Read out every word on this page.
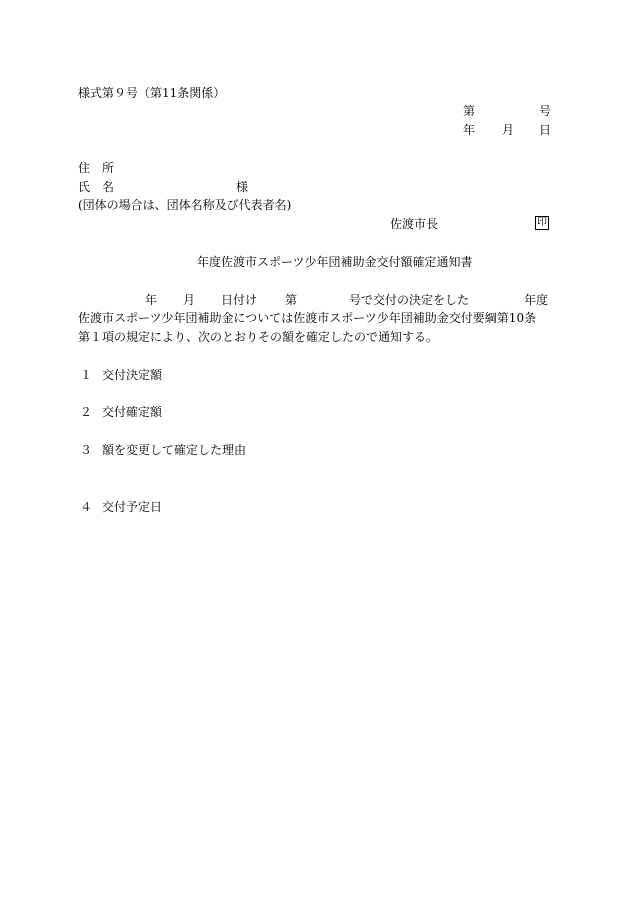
様式第９号（第11条関係）
第	号
年 月 日
住　所
氏　名	様
(団体の場合は、団体名称及び代表者名)
佐渡市長	印
年度佐渡市スポーツ少年団補助金交付額確定通知書
年 月 日付け 第	号で交付の決定をした	年度
佐渡市スポーツ少年団補助金については佐渡市スポーツ少年団補助金交付要綱第10条
第１項の規定により、次のとおりその額を確定したので通知する。
１ 交付決定額
２ 交付確定額
３ 額を変更して確定した理由
４ 交付予定日
